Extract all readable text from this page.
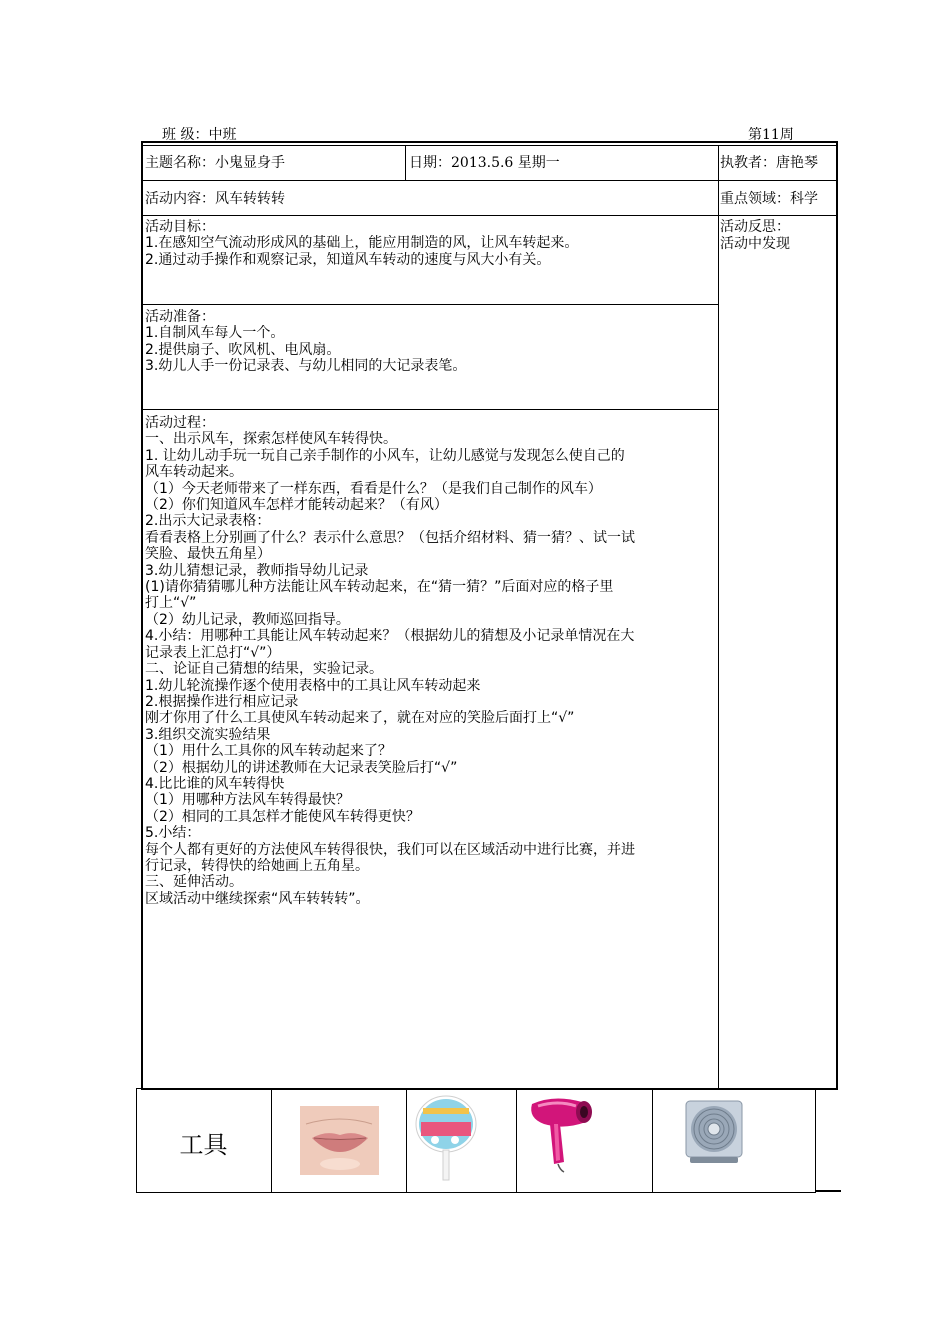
班 级：中班	第11周
主题名称：小鬼显身手	日期：2013.5.6 星期一	执教者：唐艳琴
活动内容：风车转转转	重点领域：科学
活动目标：
1.在感知空气流动形成风的基础上，能应用制造的风，让风车转起来。
2.通过动手操作和观察记录，知道风车转动的速度与风大小有关。
活动准备：
1.自制风车每人一个。
2.提供扇子、吹风机、电风扇。
3.幼儿人手一份记录表、与幼儿相同的大记录表笔。
活动过程：
一、出示风车，探索怎样使风车转得快。
1. 让幼儿动手玩一玩自己亲手制作的小风车，让幼儿感觉与发现怎么使自己的
风车转动起来。
（1）今天老师带来了一样东西，看看是什么？（是我们自己制作的风车）
（2）你们知道风车怎样才能转动起来？（有风）
2.出示大记录表格：
看看表格上分别画了什么？表示什么意思？（包括介绍材料、猜一猜？、试一试
笑脸、最快五角星）
3.幼儿猜想记录，教师指导幼儿记录
(1)请你猜猜哪儿种方法能让风车转动起来，在“猜一猜？”后面对应的格子里
打上“√”
（2）幼儿记录，教师巡回指导。
4.小结：用哪种工具能让风车转动起来？（根据幼儿的猜想及小记录单情况在大
记录表上汇总打“√”）
二、论证自己猜想的结果，实验记录。
1.幼儿轮流操作逐个使用表格中的工具让风车转动起来
2.根据操作进行相应记录
刚才你用了什么工具使风车转动起来了，就在对应的笑脸后面打上“√”
3.组织交流实验结果
（1）用什么工具你的风车转动起来了？
（2）根据幼儿的讲述教师在大记录表笑脸后打“√”
4.比比谁的风车转得快
（1）用哪种方法风车转得最快？
（2）相同的工具怎样才能使风车转得更快？
5.小结：
每个人都有更好的方法使风车转得很快，我们可以在区域活动中进行比赛，并进
行记录，转得快的给她画上五角星。
三、延伸活动。
区域活动中继续探索“风车转转转”。
活动反思：
活动中发现
工具
